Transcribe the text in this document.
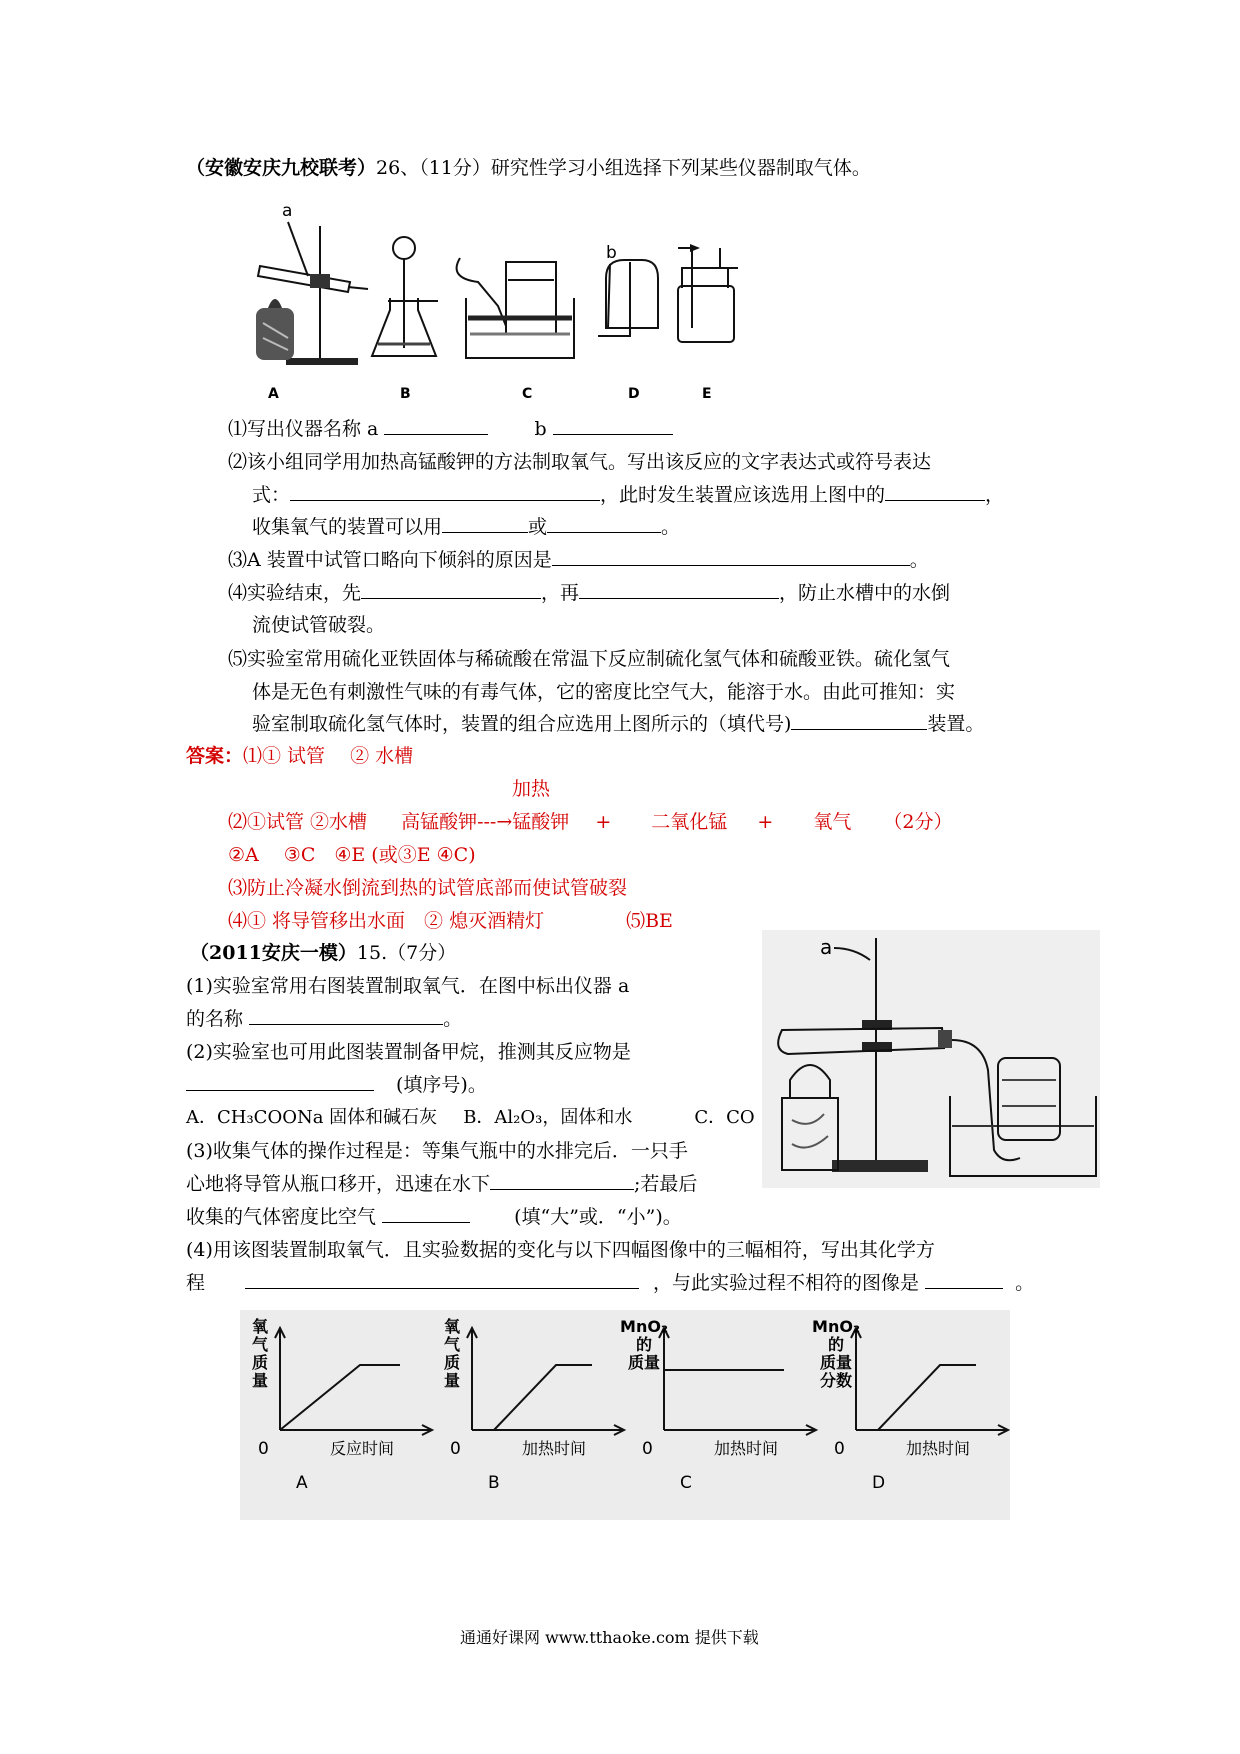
（安徽安庆九校联考）26、（11分）研究性学习小组选择下列某些仪器制取气体。
a
b
A	B	C	D	E
⑴写出仪器名称 a	b
⑵该小组同学用加热高锰酸钾的方法制取氧气。写出该反应的文字表达式或符号表达
式：	，此时发生装置应该选用上图中的	，
收集氧气的装置可以用	或	。
⑶A 装置中试管口略向下倾斜的原因是	。
⑷实验结束，先	，再	，防止水槽中的水倒
流使试管破裂。
⑸实验室常用硫化亚铁固体与稀硫酸在常温下反应制硫化氢气体和硫酸亚铁。硫化氢气
体是无色有刺激性气味的有毒气体，它的密度比空气大，能溶于水。由此可推知：实
验室制取硫化氢气体时，装置的组合应选用上图所示的（填代号)	装置。
答案：⑴① 试管　 ② 水槽
加热
⑵①试管 ②水槽 高锰酸钾---→锰酸钾 + 二氧化锰 + 氧气 （2分）
②A　 ③C　④E (或③E ④C)
⑶防止冷凝水倒流到热的试管底部而使试管破裂
⑷① 将导管移出水面　② 熄灭酒精灯	⑸BE
（2011安庆一模）15.（7分）
(1)实验室常用右图装置制取氧气．在图中标出仪器 a
的名称	。
(2)实验室也可用此图装置制备甲烷，推测其反应物是
(填序号)。
A．CH₃COONa 固体和碱石灰 B．Al₂O₃，固体和水	C．CO
(3)收集气体的操作过程是：等集气瓶中的水排完后．一只手
心地将导管从瓶口移开，迅速在水下	;若最后
收集的气体密度比空气	(填“大”或．“小”)。
(4)用该图装置制取氧气．且实验数据的变化与以下四幅图像中的三幅相符，写出其化学方
程	，与此实验过程不相符的图像是	。
a
氧
气
质
量
0	反应时间
A
氧
气
质
量
0	加热时间
B
MnO₂
的
质量
0	加热时间
C
MnO₂
的
质量
分数
0	加热时间
D
通通好课网 www.tthaoke.com 提供下载
